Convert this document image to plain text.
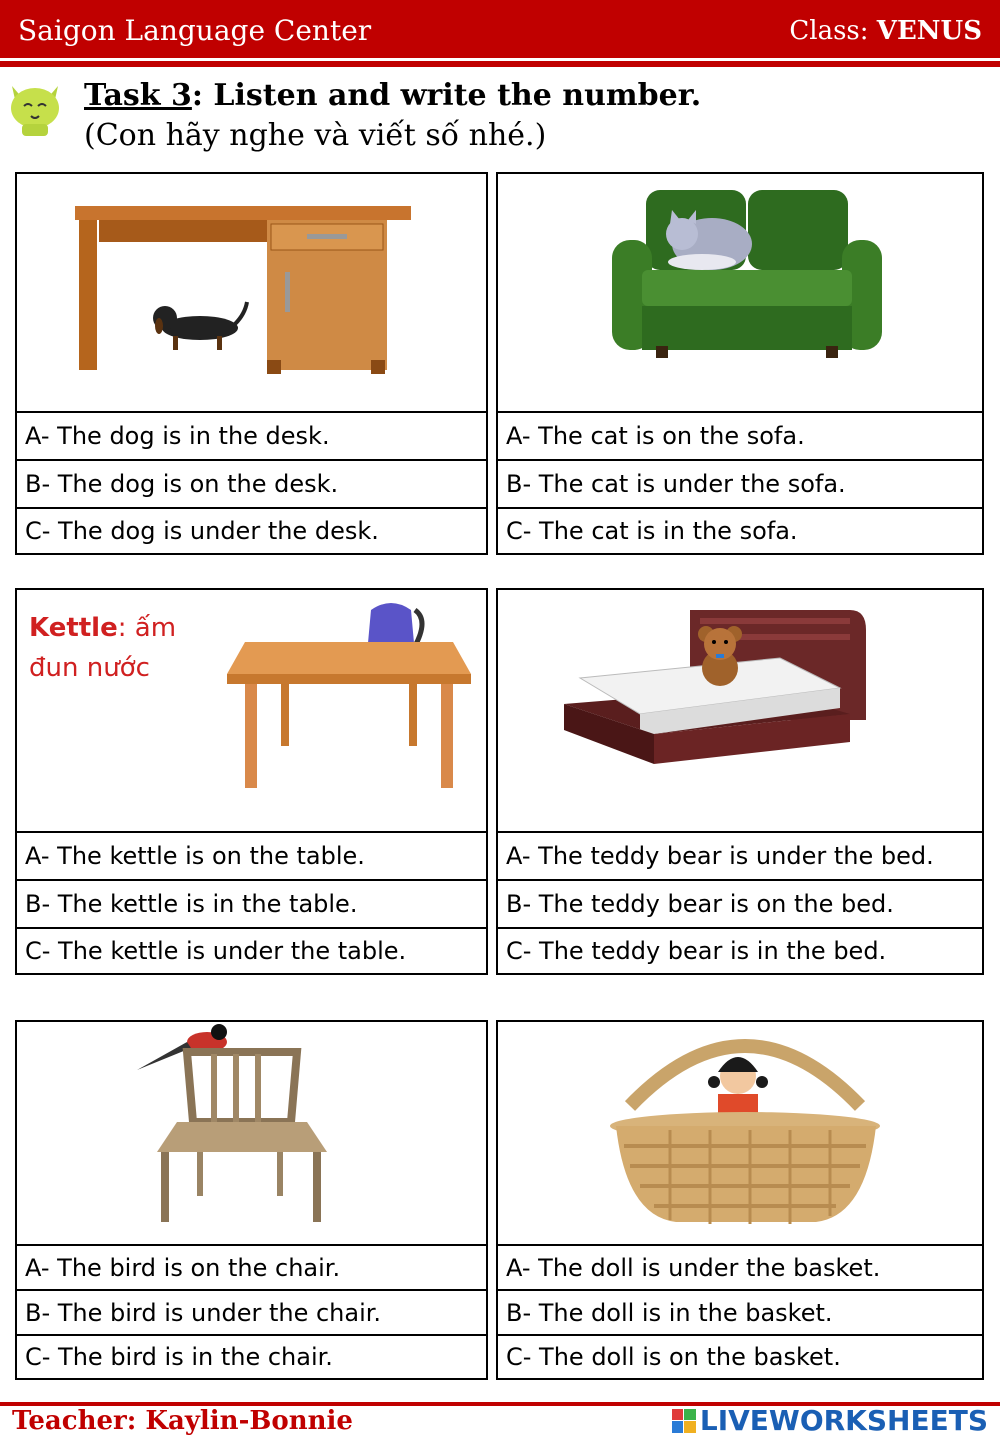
Saigon Language Center	Class: VENUS
Task 3: Listen and write the number.
(Con hãy nghe và viết số nhé.)
A- The dog is in the desk.
B- The dog is on the desk.
C- The dog is under the desk.
A- The cat is on the sofa.
B- The cat is under the sofa.
C- The cat is in the sofa.
Kettle: ấm
đun nước
A- The kettle is on the table.
B- The kettle is in the table.
C- The kettle is under the table.
A- The teddy bear is under the bed.
B- The teddy bear is on the bed.
C- The teddy bear is in the bed.
A- The bird is on the chair.
B- The bird is under the chair.
C- The bird is in the chair.
A- The doll is under the basket.
B- The doll is in the basket.
C- The doll is on the basket.
Teacher: Kaylin-Bonnie	LIVEWORKSHEETS
